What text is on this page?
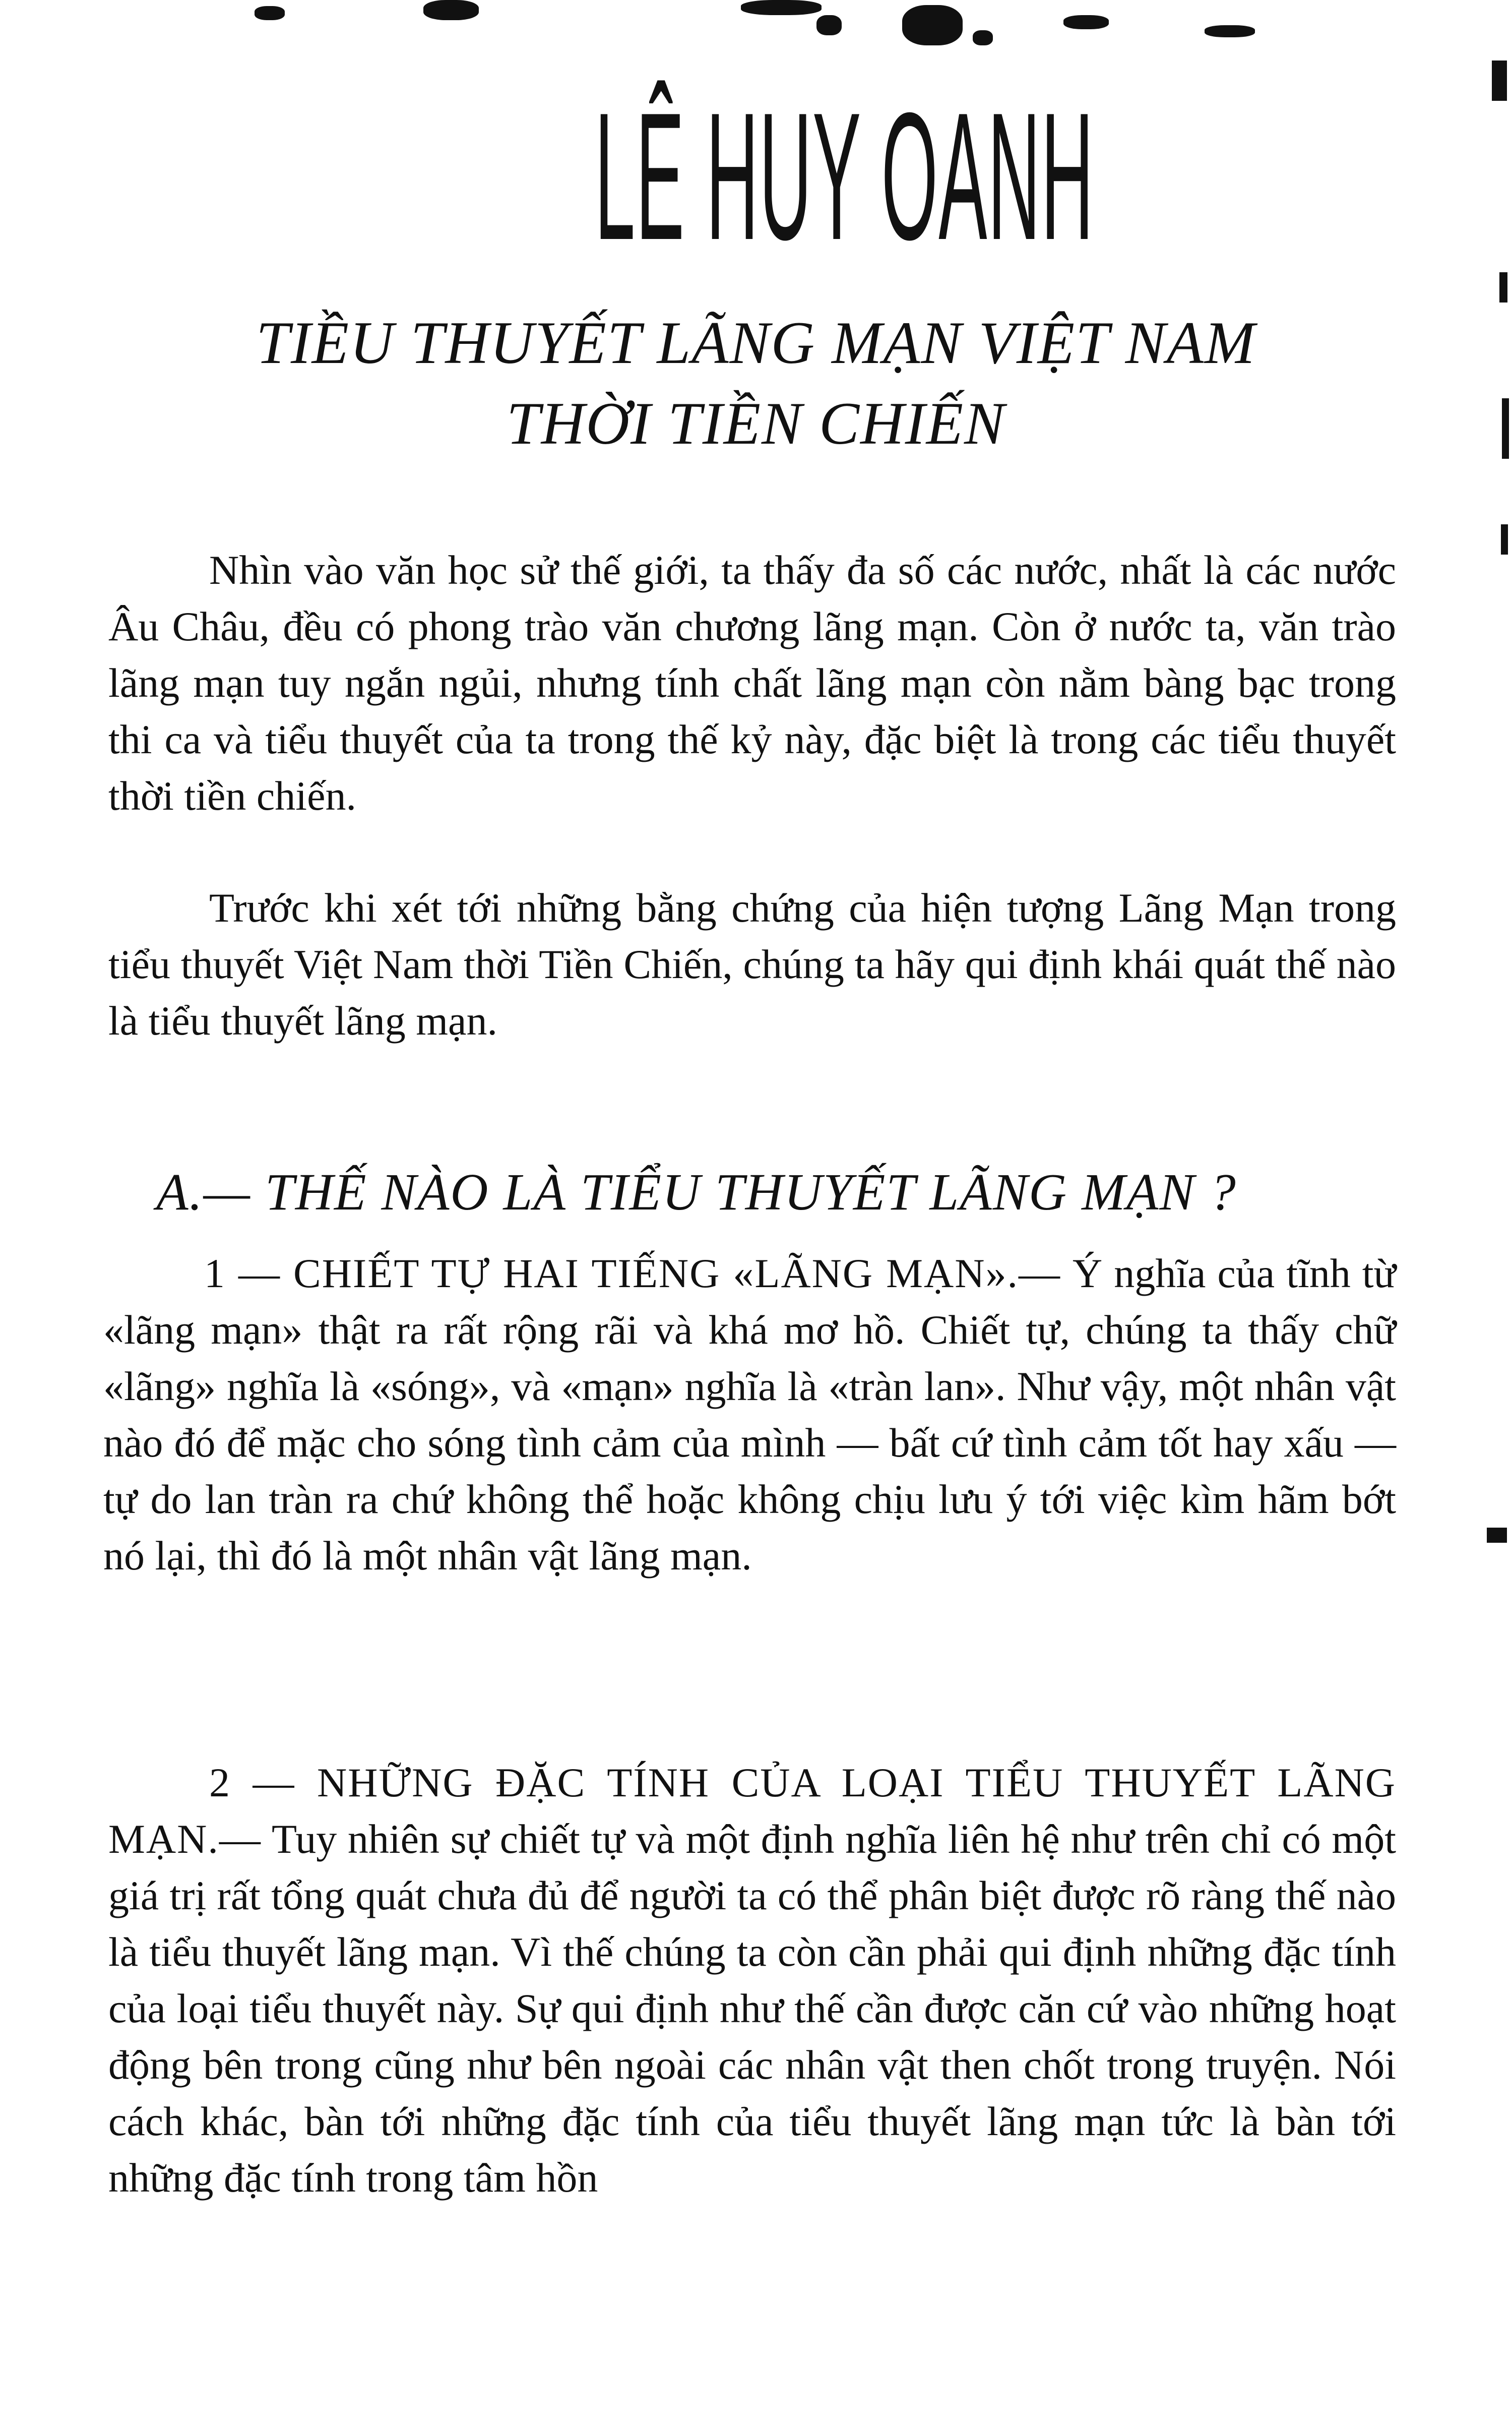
LÊ HUY OANH
TIỀU THUYẾT LÃNG MẠN VIỆT NAM
THỜI TIỀN CHIẾN
Nhìn vào văn học sử thế giới, ta thấy đa số các nước, nhất là các nước Âu Châu, đều có phong trào văn chương lãng mạn. Còn ở nước ta, văn trào lãng mạn tuy ngắn ngủi, nhưng tính chất lãng mạn còn nằm bàng bạc trong thi ca và tiểu thuyết của ta trong thế kỷ này, đặc biệt là trong các tiểu thuyết thời tiền chiến.
Trước khi xét tới những bằng chứng của hiện tượng Lãng Mạn trong tiểu thuyết Việt Nam thời Tiền Chiến, chúng ta hãy qui định khái quát thế nào là tiểu thuyết lãng mạn.
A.— THẾ NÀO LÀ TIỂU THUYẾT LÃNG MẠN ?
1 — CHIẾT TỰ HAI TIẾNG «LÃNG MẠN».— Ý nghĩa của tĩnh từ «lãng mạn» thật ra rất rộng rãi và khá mơ hồ. Chiết tự, chúng ta thấy chữ «lãng» nghĩa là «sóng», và «mạn» nghĩa là «tràn lan». Như vậy, một nhân vật nào đó để mặc cho sóng tình cảm của mình — bất cứ tình cảm tốt hay xấu — tự do lan tràn ra chứ không thể hoặc không chịu lưu ý tới việc kìm hãm bớt nó lại, thì đó là một nhân vật lãng mạn.
2 — NHỮNG ĐẶC TÍNH CỦA LOẠI TIỂU THUYẾT LÃNG MẠN.— Tuy nhiên sự chiết tự và một định nghĩa liên hệ như trên chỉ có một giá trị rất tổng quát chưa đủ để người ta có thể phân biệt được rõ ràng thế nào là tiểu thuyết lãng mạn. Vì thế chúng ta còn cần phải qui định những đặc tính của loại tiểu thuyết này. Sự qui định như thế cần được căn cứ vào những hoạt động bên trong cũng như bên ngoài các nhân vật then chốt trong truyện. Nói cách khác, bàn tới những đặc tính của tiểu thuyết lãng mạn tức là bàn tới những đặc tính trong tâm hồn
